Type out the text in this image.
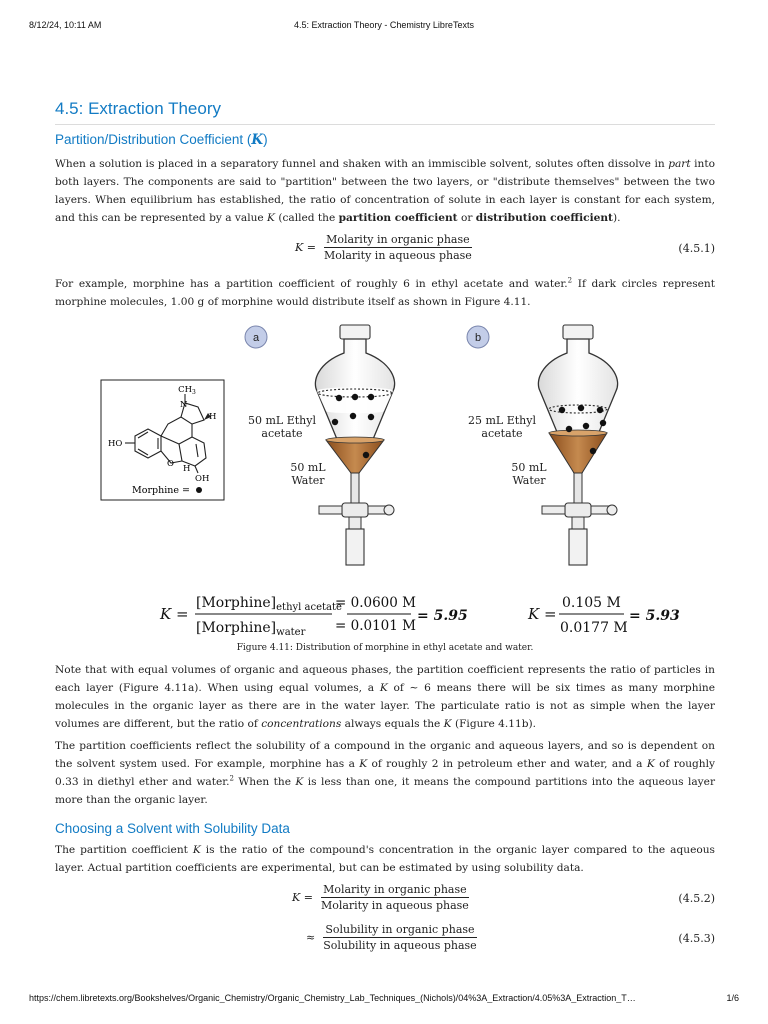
8/12/24, 10:11 AM	4.5: Extraction Theory - Chemistry LibreTexts
4.5: Extraction Theory
Partition/Distribution Coefficient (K)

When a solution is placed in a separatory funnel and shaken with an immiscible solvent, solutes often dissolve in part into both layers. The components are said to "partition" between the two layers, or "distribute themselves" between the two layers. When equilibrium has established, the ratio of concentration of solute in each layer is constant for each system, and this can be represented by a value K (called the partition coefficient or distribution coefficient).

$K = \frac{\text{Molarity in organic phase}}{\text{Molarity in aqueous phase}}$	(4.5.1)

For example, morphine has a partition coefficient of roughly 6 in ethyl acetate and water.$^2$ If dark circles represent morphine molecules, 1.00 g of morphine would distribute itself as shown in Figure 4.11.

a	b
$CH_3$
N
H
HO
O H
OH
Morphine =
50 mL Ethyl
acetate
50 mL
Water
25 mL Ethyl
acetate
50 mL
Water
K =
$[Morphine]_{ethyl acetate}$
$[Morphine]_{water}$
= 0.0600 M
= 0.0101 M
= 5.95	K =
0.105 M
0.0177 M
= 5.93
Figure 4.11: Distribution of morphine in ethyl acetate and water.

Note that with equal volumes of organic and aqueous phases, the partition coefficient represents the ratio of particles in each layer (Figure 4.11a). When using equal volumes, a K of ∼ 6 means there will be six times as many morphine molecules in the organic layer as there are in the water layer. The particulate ratio is not as simple when the layer volumes are different, but the ratio of concentrations always equals the K (Figure 4.11b).

The partition coefficients reflect the solubility of a compound in the organic and aqueous layers, and so is dependent on the solvent system used. For example, morphine has a K of roughly 2 in petroleum ether and water, and a K of roughly 0.33 in diethyl ether and water.$^2$ When the K is less than one, it means the compound partitions into the aqueous layer more than the organic layer.

Choosing a Solvent with Solubility Data

The partition coefficient K is the ratio of the compound's concentration in the organic layer compared to the aqueous layer. Actual partition coefficients are experimental, but can be estimated by using solubility data.

$K = \frac{\text{Molarity in organic phase}}{\text{Molarity in aqueous phase}}$	(4.5.2)
≈ $\frac{\text{Solubility in organic phase}}{\text{Solubility in aqueous phase}}$	(4.5.3)
https://chem.libretexts.org/Bookshelves/Organic_Chemistry/Organic_Chemistry_Lab_Techniques_(Nichols)/04%3A_Extraction/4.05%3A_Extraction_T…	1/6
